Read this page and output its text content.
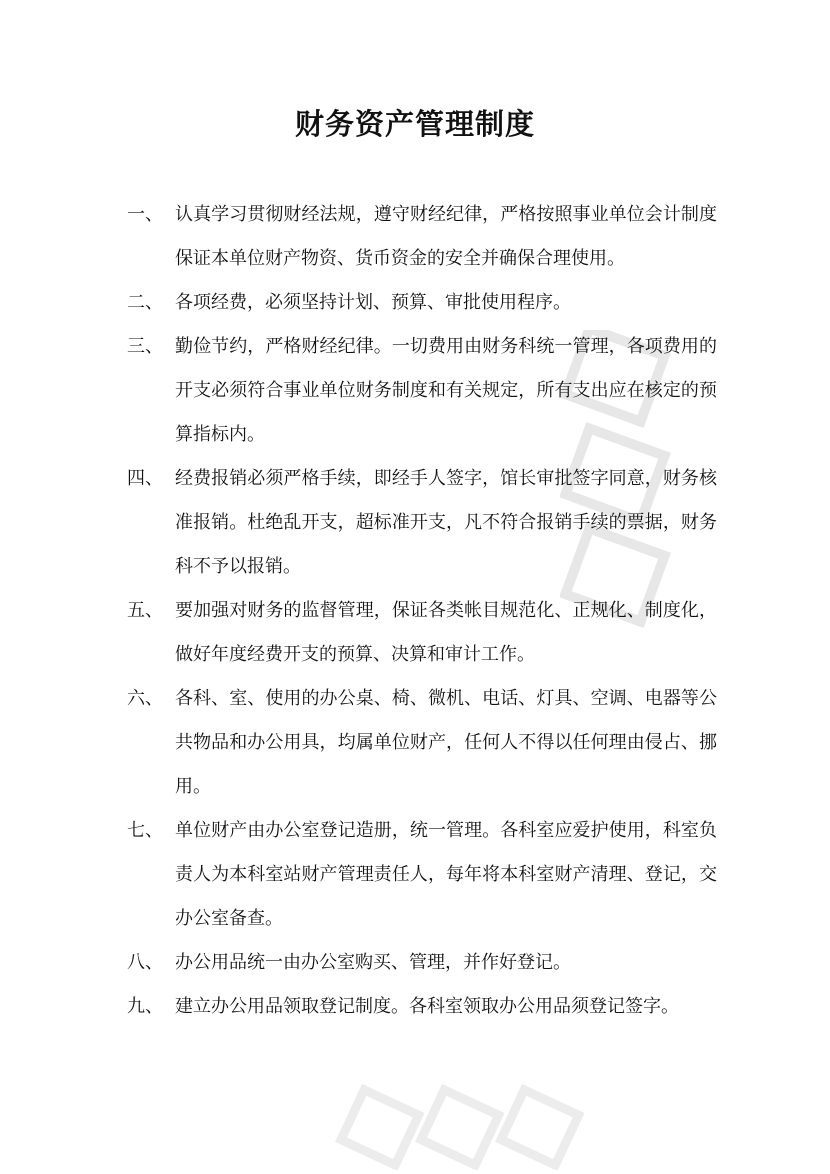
财务资产管理制度
一、 认真学习贯彻财经法规，遵守财经纪律，严格按照事业单位会计制度保证本单位财产物资、货币资金的安全并确保合理使用。
二、 各项经费，必须坚持计划、预算、审批使用程序。
三、 勤俭节约，严格财经纪律。一切费用由财务科统一管理，各项费用的开支必须符合事业单位财务制度和有关规定，所有支出应在核定的预算指标内。
四、 经费报销必须严格手续，即经手人签字，馆长审批签字同意，财务核准报销。杜绝乱开支，超标准开支，凡不符合报销手续的票据，财务科不予以报销。
五、 要加强对财务的监督管理，保证各类帐目规范化、正规化、制度化，做好年度经费开支的预算、决算和审计工作。
六、 各科、室、使用的办公桌、椅、微机、电话、灯具、空调、电器等公共物品和办公用具，均属单位财产，任何人不得以任何理由侵占、挪用。
七、 单位财产由办公室登记造册，统一管理。各科室应爱护使用，科室负责人为本科室站财产管理责任人，每年将本科室财产清理、登记，交办公室备查。
八、 办公用品统一由办公室购买、管理，并作好登记。
九、 建立办公用品领取登记制度。各科室领取办公用品须登记签字。
